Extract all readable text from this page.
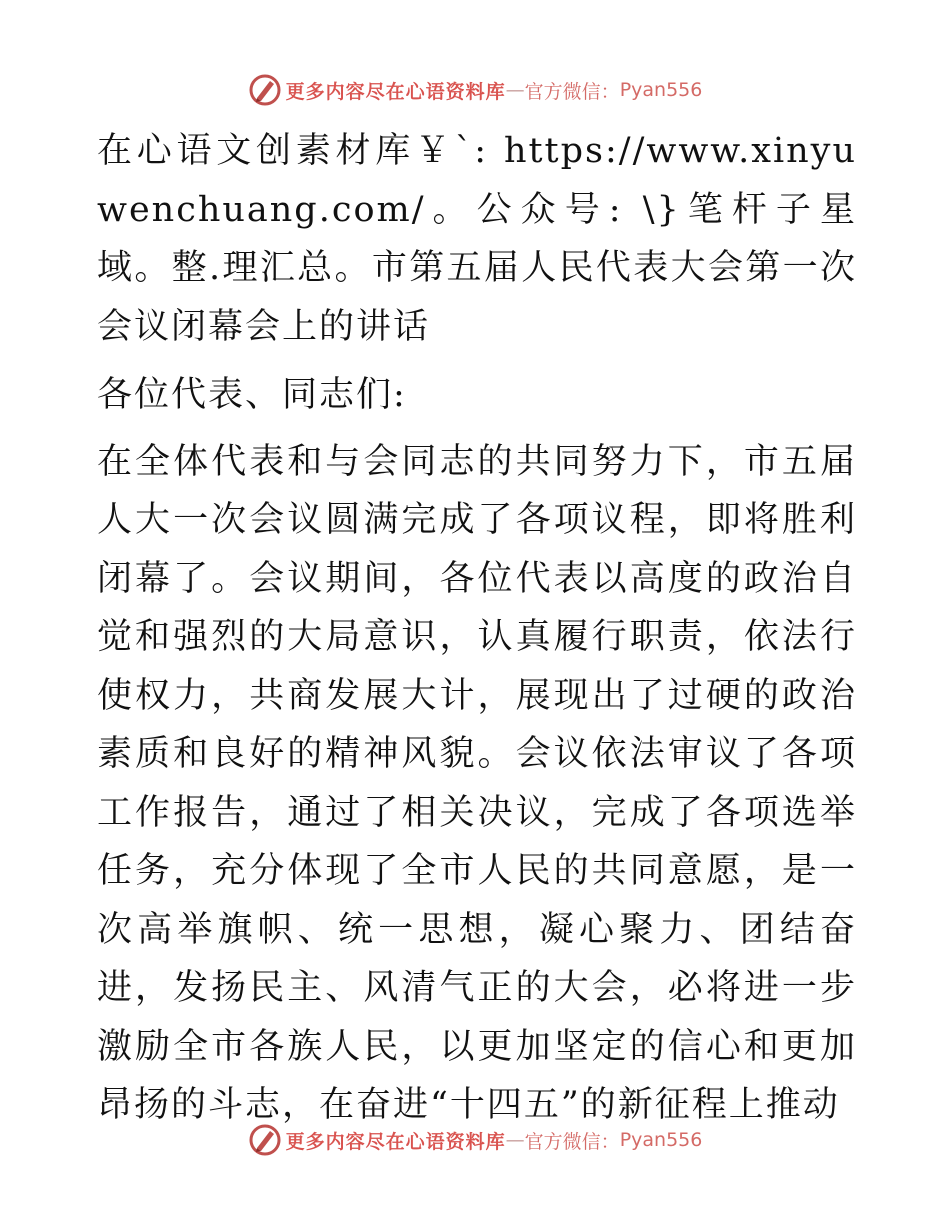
更多内容尽在心语资料库 — 官方微信： Pyan556

在心语文创素材库￥`: https://www.xinyuwenchuang.com/。公众号: \}笔杆子星域。整.理汇总。市第五届人民代表大会第一次会议闭幕会上的讲话

各位代表、同志们:

在全体代表和与会同志的共同努力下，市五届人大一次会议圆满完成了各项议程，即将胜利闭幕了。会议期间，各位代表以高度的政治自觉和强烈的大局意识，认真履行职责，依法行使权力，共商发展大计，展现出了过硬的政治素质和良好的精神风貌。会议依法审议了各项工作报告，通过了相关决议，完成了各项选举任务，充分体现了全市人民的共同意愿，是一次高举旗帜、统一思想，凝心聚力、团结奋进，发扬民主、风清气正的大会，必将进一步激励全市各族人民，以更加坚定的信心和更加昂扬的斗志，在奋进“十四五”的新征程上推动

更多内容尽在心语资料库 — 官方微信： Pyan556
